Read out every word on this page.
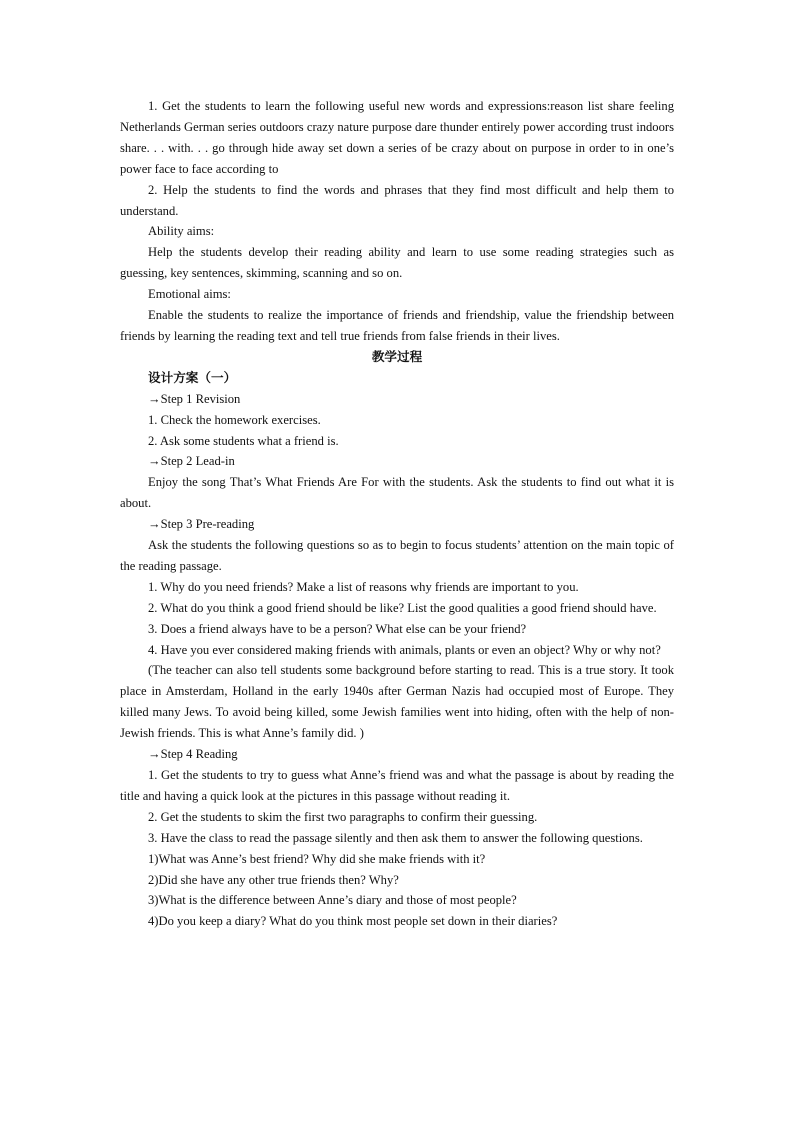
1. Get the students to learn the following useful new words and expressions:reason list share feeling Netherlands German series outdoors crazy nature purpose dare thunder entirely power according trust indoors share. . . with. . . go through hide away set down a series of be crazy about on purpose in order to in one’s power face to face according to

2. Help the students to find the words and phrases that they find most difficult and help them to understand.

Ability aims:

Help the students develop their reading ability and learn to use some reading strategies such as guessing, key sentences, skimming, scanning and so on.

Emotional aims:

Enable the students to realize the importance of friends and friendship, value the friendship between friends by learning the reading text and tell true friends from false friends in their lives.

教学过程

设计方案（一）

→Step 1 Revision

1. Check the homework exercises.

2. Ask some students what a friend is.

→Step 2 Lead-in

Enjoy the song That’s What Friends Are For with the students. Ask the students to find out what it is about.

→Step 3 Pre-reading

Ask the students the following questions so as to begin to focus students’ attention on the main topic of the reading passage.

1. Why do you need friends? Make a list of reasons why friends are important to you.

2. What do you think a good friend should be like? List the good qualities a good friend should have.

3. Does a friend always have to be a person? What else can be your friend?

4. Have you ever considered making friends with animals, plants or even an object? Why or why not?

(The teacher can also tell students some background before starting to read. This is a true story. It took place in Amsterdam, Holland in the early 1940s after German Nazis had occupied most of Europe. They killed many Jews. To avoid being killed, some Jewish families went into hiding, often with the help of non-Jewish friends. This is what Anne’s family did. )

→Step 4 Reading

1. Get the students to try to guess what Anne’s friend was and what the passage is about by reading the title and having a quick look at the pictures in this passage without reading it.

2. Get the students to skim the first two paragraphs to confirm their guessing.

3. Have the class to read the passage silently and then ask them to answer the following questions.

1)What was Anne’s best friend? Why did she make friends with it?

2)Did she have any other true friends then? Why?

3)What is the difference between Anne’s diary and those of most people?

4)Do you keep a diary? What do you think most people set down in their diaries?
